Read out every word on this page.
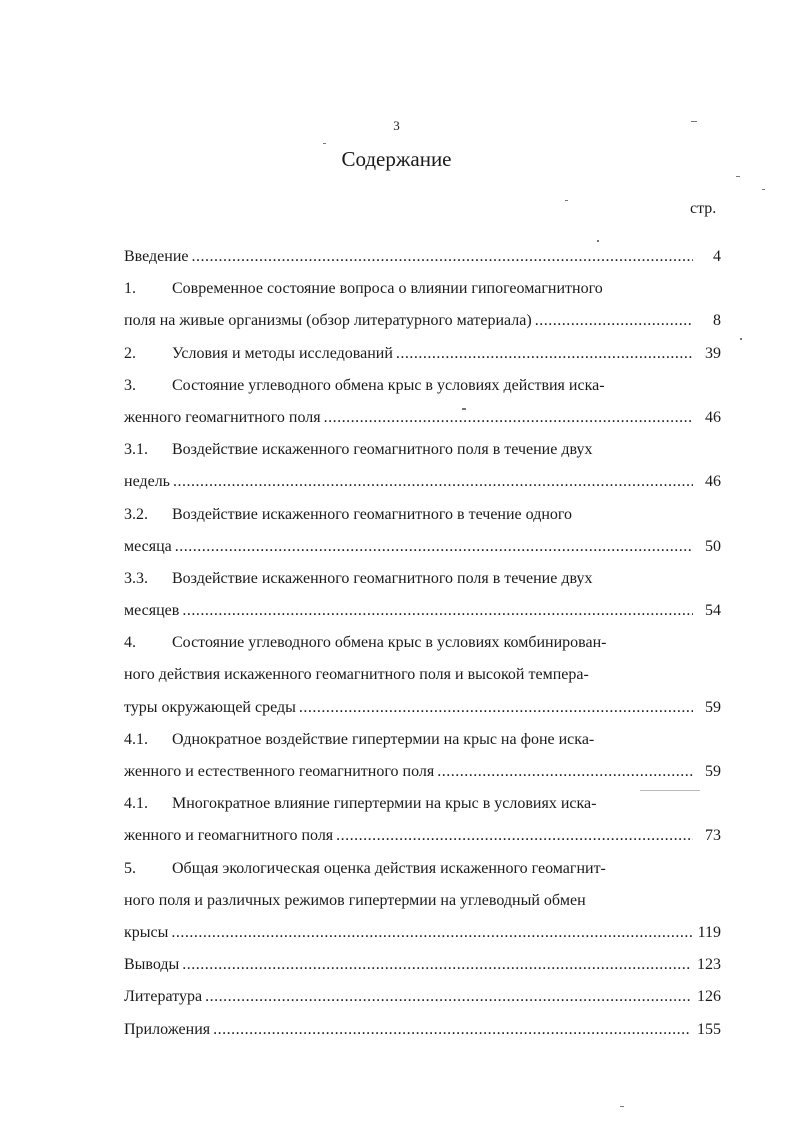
3
Содержание
стр.
Введение .....	4
1. Современное состояние вопроса о влиянии гипогеомагнитного
поля на живые организмы (обзор литературного материала) .....	8
2.	Условия и методы исследований .....	39
3. Состояние углеводного обмена крыс в условиях действия иска-
женного геомагнитного поля .....	46
3.1. Воздействие искаженного геомагнитного поля в течение двух
недель .....	46
3.2. Воздействие искаженного геомагнитного в течение одного
месяца .....	50
3.3. Воздействие искаженного геомагнитного поля в течение двух
месяцев .....	54
4. Состояние углеводного обмена крыс в условиях комбинирован-
ного действия искаженного геомагнитного поля и высокой темпера-
туры окружающей среды .....	59
4.1. Однократное воздействие гипертермии на крыс на фоне иска-
женного и естественного геомагнитного поля .....	59
4.1. Многократное влияние гипертермии на крыс в условиях иска-
женного и геомагнитного поля .....	73
5. Общая экологическая оценка действия искаженного геомагнит-
ного поля и различных режимов гипертермии на углеводный обмен
крысы .....	119
Выводы .....	123
Литература .....	126
Приложения .....	155
